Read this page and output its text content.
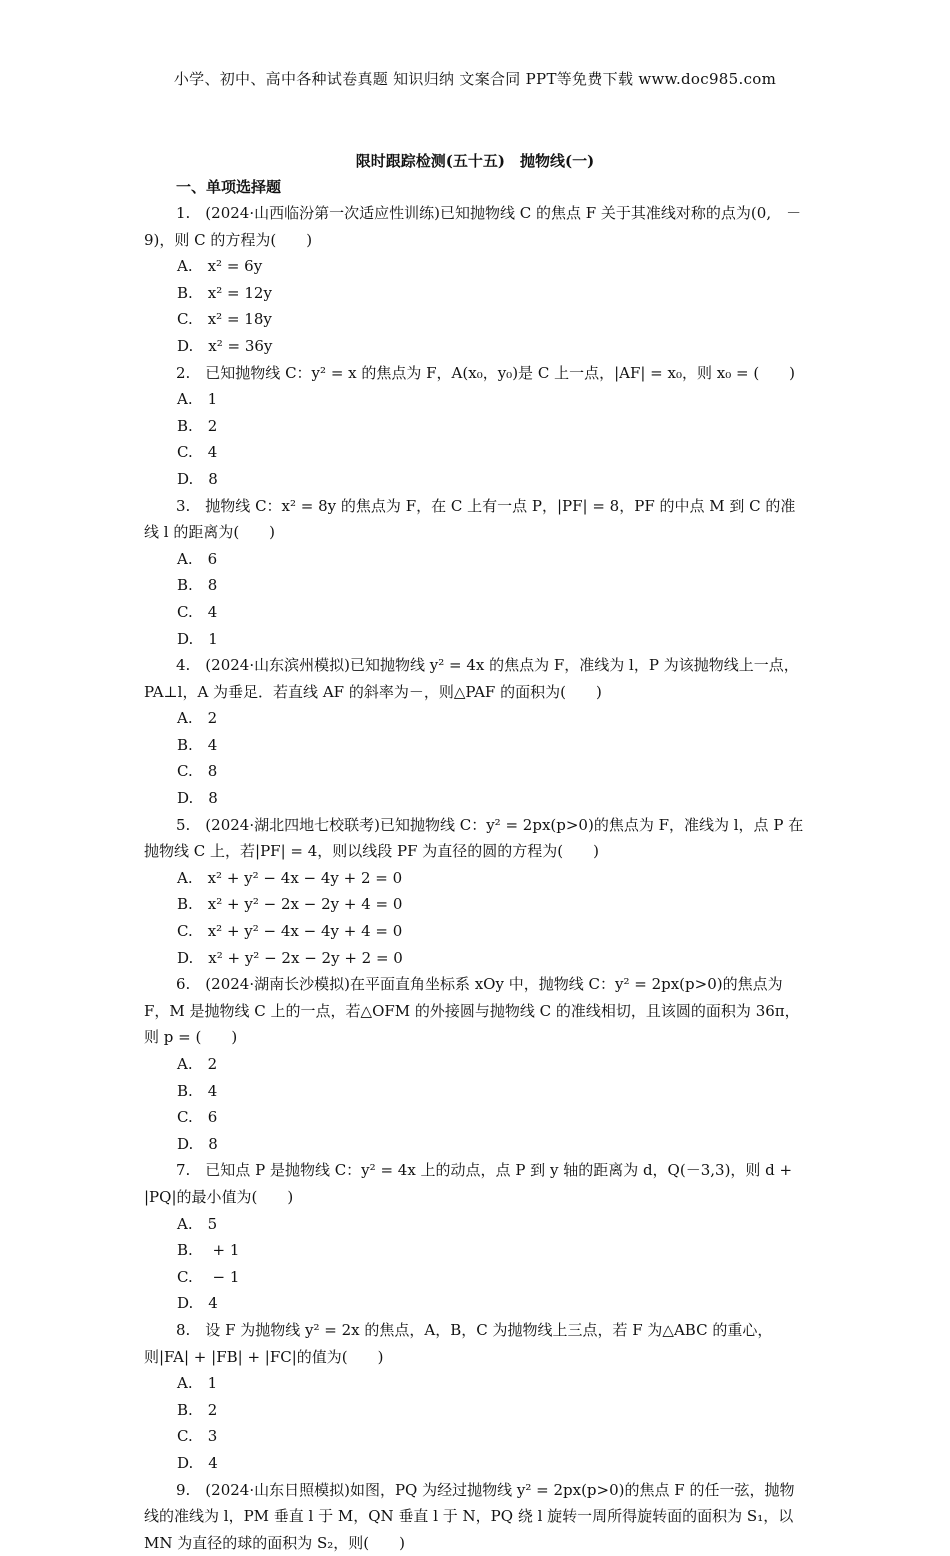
小学、初中、高中各种试卷真题 知识归纳 文案合同 PPT等免费下载 www.doc985.com
限时跟踪检测(五十五)　抛物线(一)
一、单项选择题

1.　(2024·山西临汾第一次适应性训练)已知抛物线 C 的焦点 F 关于其准线对称的点为(0,　－9)，则 C 的方程为(　　)

A.　x² = 6y

B.　x² = 12y

C.　x² = 18y

D.　x² = 36y

2.　已知抛物线 C：y² = x 的焦点为 F，A(x₀，y₀)是 C 上一点，|AF| = x₀，则 x₀ = (　　)

A.　1

B.　2

C.　4

D.　8

3.　抛物线 C：x² = 8y 的焦点为 F，在 C 上有一点 P，|PF| = 8，PF 的中点 M 到 C 的准线 l 的距离为(　　)

A.　6

B.　8

C.　4

D.　1

4.　(2024·山东滨州模拟)已知抛物线 y² = 4x 的焦点为 F，准线为 l，P 为该抛物线上一点，PA⊥l，A 为垂足．若直线 AF 的斜率为－，则△PAF 的面积为(　　)

A.　2

B.　4

C.　8

D.　8

5.　(2024·湖北四地七校联考)已知抛物线 C：y² = 2px(p>0)的焦点为 F，准线为 l，点 P 在抛物线 C 上，若|PF| = 4，则以线段 PF 为直径的圆的方程为(　　)

A.　x² + y² − 4x − 4y + 2 = 0

B.　x² + y² − 2x − 2y + 4 = 0

C.　x² + y² − 4x − 4y + 4 = 0

D.　x² + y² − 2x − 2y + 2 = 0

6.　(2024·湖南长沙模拟)在平面直角坐标系 xOy 中，抛物线 C：y² = 2px(p>0)的焦点为 F，M 是抛物线 C 上的一点，若△OFM 的外接圆与抛物线 C 的准线相切，且该圆的面积为 36π，则 p = (　　)

A.　2

B.　4

C.　6

D.　8

7.　已知点 P 是抛物线 C：y² = 4x 上的动点，点 P 到 y 轴的距离为 d，Q(－3,3)，则 d + |PQ|的最小值为(　　)

A.　5

B.　 + 1

C.　 − 1

D.　4

8.　设 F 为抛物线 y² = 2x 的焦点，A，B，C 为抛物线上三点，若 F 为△ABC 的重心，则|FA| + |FB| + |FC|的值为(　　)

A.　1

B.　2

C.　3

D.　4

9.　(2024·山东日照模拟)如图，PQ 为经过抛物线 y² = 2px(p>0)的焦点 F 的任一弦，抛物线的准线为 l，PM 垂直 l 于 M，QN 垂直 l 于 N，PQ 绕 l 旋转一周所得旋转面的面积为 S₁，以 MN 为直径的球的面积为 S₂，则(　　)
